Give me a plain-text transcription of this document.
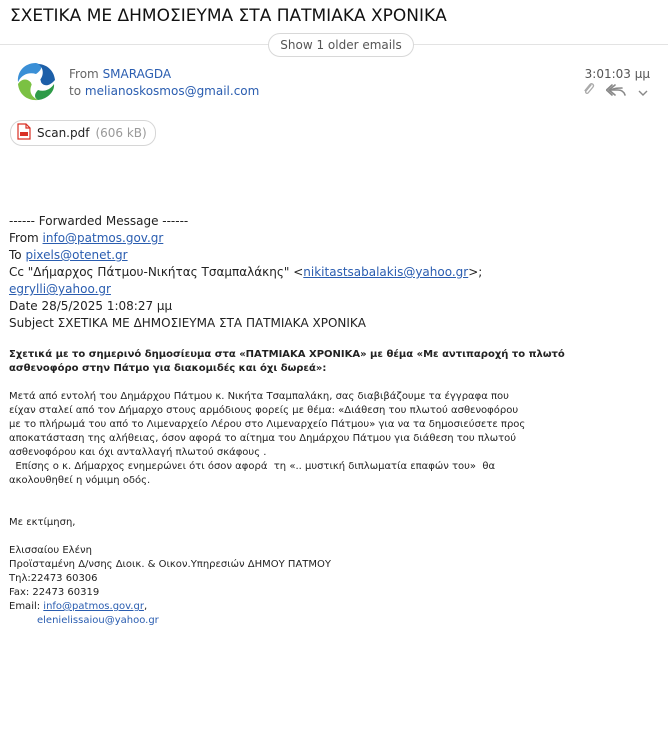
ΣΧΕΤΙΚΑ ΜΕ ΔΗΜΟΣΙΕΥΜΑ ΣΤΑ ΠΑΤΜΙΑΚΑ ΧΡΟΝΙΚΑ
Show 1 older emails
From SMARAGDA
to melianoskosmos@gmail.com
3:01:03 μμ
Scan.pdf (606 kB)
------ Forwarded Message ------
From info@patmos.gov.gr
To pixels@otenet.gr
Cc "Δήμαρχος Πάτμου-Νικήτας Τσαμπαλάκης" <nikitastsabalakis@yahoo.gr>;
egrylli@yahoo.gr
Date 28/5/2025 1:08:27 μμ
Subject ΣΧΕΤΙΚΑ ΜΕ ΔΗΜΟΣΙΕΥΜΑ ΣΤΑ ΠΑΤΜΙΑΚΑ ΧΡΟΝΙΚΑ
Σχετικά με το σημερινό δημοσίευμα στα «ΠΑΤΜΙΑΚΑ ΧΡΟΝΙΚΑ» με θέμα «Με αντιπαροχή το πλωτό
ασθενοφόρο στην Πάτμο για διακομιδές και όχι δωρεά»:
Μετά από εντολή του Δημάρχου Πάτμου κ. Νικήτα Τσαμπαλάκη, σας διαβιβάζουμε τα έγγραφα που
είχαν σταλεί από τον Δήμαρχο στους αρμόδιους φορείς με θέμα: «Διάθεση του πλωτού ασθενοφόρου
με το πλήρωμά του από το Λιμεναρχείο Λέρου στο Λιμεναρχείο Πάτμου» για να τα δημοσιεύσετε προς
αποκατάσταση της αλήθειας, όσον αφορά το αίτημα του Δημάρχου Πάτμου για διάθεση του πλωτού
ασθενοφόρου και όχι ανταλλαγή πλωτού σκάφους .
Επίσης ο κ. Δήμαρχος ενημερώνει ότι όσον αφορά  τη «.. μυστική διπλωματία επαφών του»  θα
ακολουθηθεί η νόμιμη οδός.
Με εκτίμηση,
Ελισσαίου Ελένη
Προϊσταμένη Δ/νσης Διοικ. & Οικον.Υπηρεσιών ΔΗΜΟΥ ΠΑΤΜΟΥ
Τηλ:22473 60306
Fax: 22473 60319
Email: info@patmos.gov.gr,
elenielissaiou@yahoo.gr
